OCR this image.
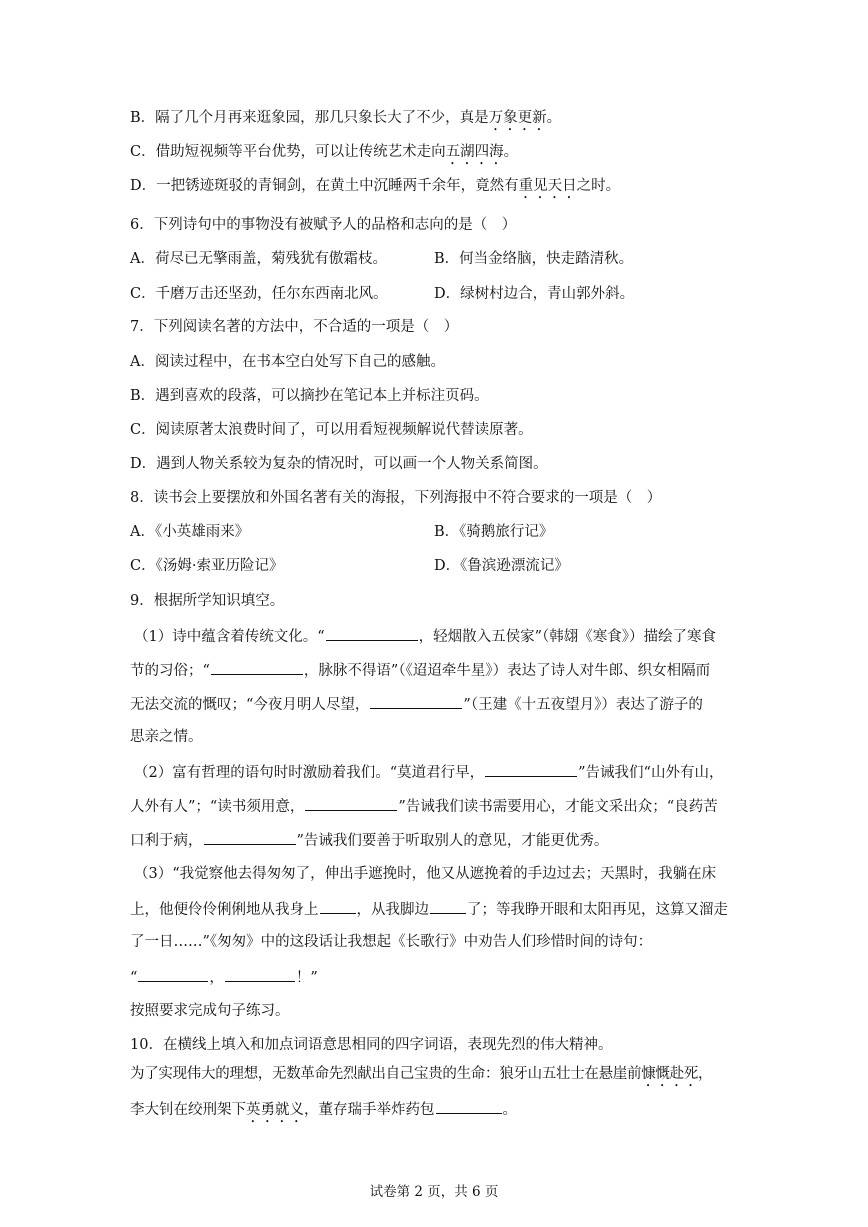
B．隔了几个月再来逛象园，那几只象长大了不少，真是万象更新。
C．借助短视频等平台优势，可以让传统艺术走向五湖四海。
D．一把锈迹斑驳的青铜剑，在黄土中沉睡两千余年，竟然有重见天日之时。
6．下列诗句中的事物没有被赋予人的品格和志向的是（　）
A．荷尽已无擎雨盖，菊残犹有傲霜枝。	B．何当金络脑，快走踏清秋。
C．千磨万击还坚劲，任尔东西南北风。	D．绿树村边合，青山郭外斜。
7．下列阅读名著的方法中，不合适的一项是（　）
A．阅读过程中，在书本空白处写下自己的感触。
B．遇到喜欢的段落，可以摘抄在笔记本上并标注页码。
C．阅读原著太浪费时间了，可以用看短视频解说代替读原著。
D．遇到人物关系较为复杂的情况时，可以画一个人物关系简图。
8．读书会上要摆放和外国名著有关的海报，下列海报中不符合要求的一项是（　）
A．《小英雄雨来》	B．《骑鹅旅行记》
C．《汤姆·索亚历险记》	D．《鲁滨逊漂流记》
9．根据所学知识填空。
（1）诗中蕴含着传统文化。“	，轻烟散入五侯家”（韩翃《寒食》）描绘了寒食
节的习俗；“	，脉脉不得语”（《迢迢牵牛星》）表达了诗人对牛郎、织女相隔而
无法交流的慨叹；“今夜月明人尽望，	”（王建《十五夜望月》）表达了游子的
思亲之情。
（2）富有哲理的语句时时激励着我们。“莫道君行早，	”告诫我们“山外有山，
人外有人”；“读书须用意，	”告诫我们读书需要用心，才能文采出众；“良药苦
口利于病，	”告诫我们要善于听取别人的意见，才能更优秀。
（3）“我觉察他去得匆匆了，伸出手遮挽时，他又从遮挽着的手边过去；天黑时，我躺在床
上，他便伶伶俐俐地从我身上	，从我脚边	了；等我睁开眼和太阳再见，这算又溜走
了一日……”《匆匆》中的这段话让我想起《长歌行》中劝告人们珍惜时间的诗句：
“	，	！”
按照要求完成句子练习。
10．在横线上填入和加点词语意思相同的四字词语，表现先烈的伟大精神。
为了实现伟大的理想，无数革命先烈献出自己宝贵的生命：狼牙山五壮士在悬崖前慷慨赴死，
李大钊在绞刑架下英勇就义，董存瑞手举炸药包	。
试卷第 2 页，共 6 页
